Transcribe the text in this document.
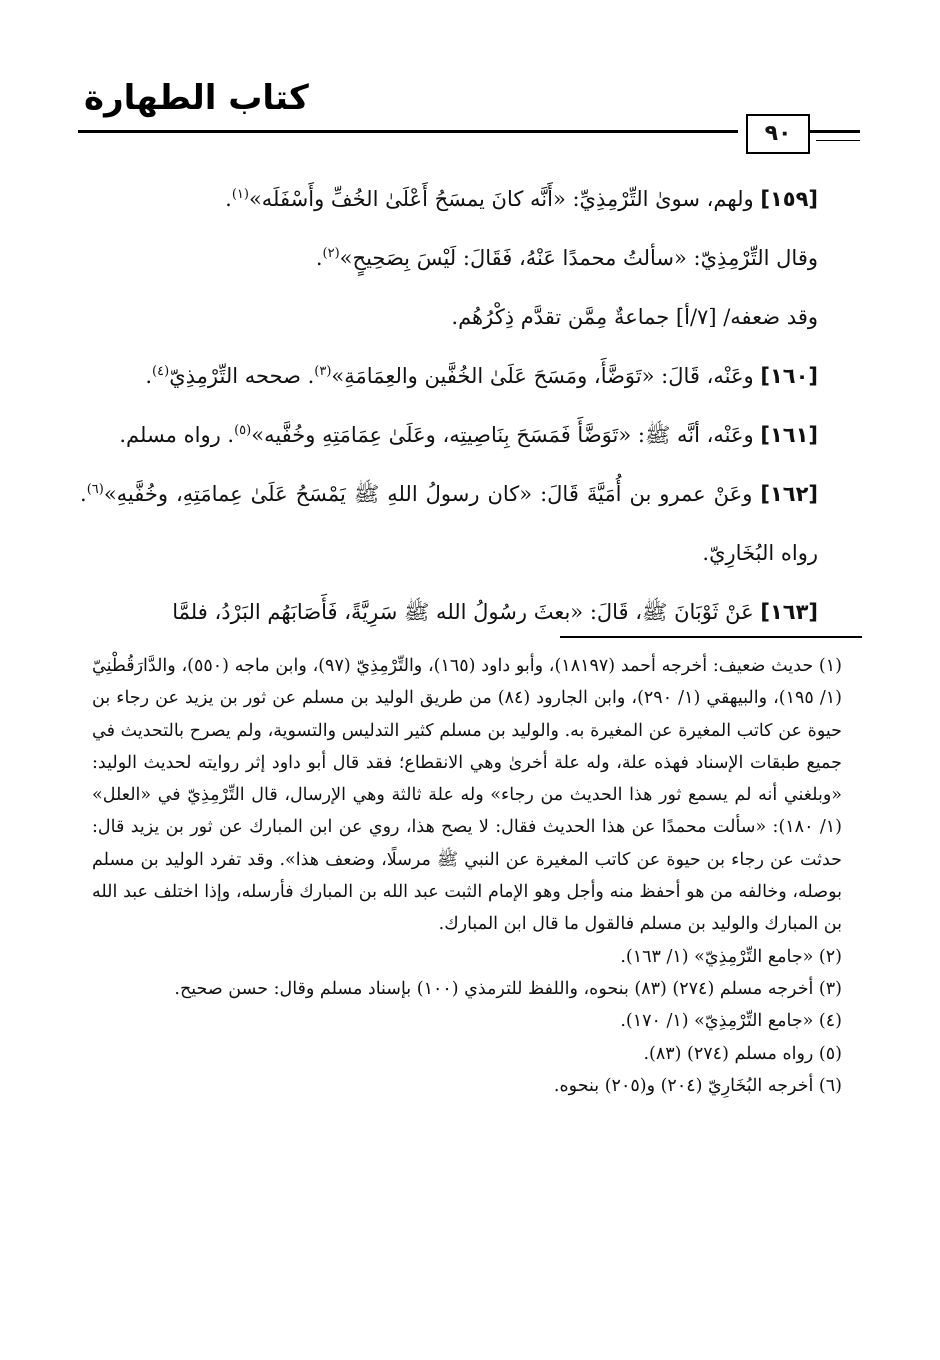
كتاب الطهارة
٩٠

[١٥٩] ولهم، سوىٰ التِّرْمِذِيِّ: «أَنَّه كانَ يمسَحُ أَعْلَىٰ الخُفِّ وأَسْفَلَه»$^{(١)}$.

وقال التِّرْمِذِيّ: «سألتُ محمدًا عَنْهُ، فَقَالَ: لَيْسَ بِصَحِيحٍ»$^{(٢)}$.

وقد ضعفه/ [٧/أ] جماعةٌ مِمَّن تقدَّم ذِكْرُهُم.

[١٦٠] وعَنْه، قَالَ: «تَوَضَّأَ، ومَسَحَ عَلَىٰ الخُفَّين والعِمَامَةِ»$^{(٣)}$. صححه التِّرْمِذِيّ$^{(٤)}$.

[١٦١] وعَنْه، أنَّه ﷺ: «تَوَضَّأَ فَمَسَحَ بِنَاصِيتِه، وعَلَىٰ عِمَامَتِهِ وخُفَّيه»$^{(٥)}$. رواه مسلم.

[١٦٢] وعَنْ عمرو بن أُمَيَّةَ قَالَ: «كان رسولُ اللهِ ﷺ يَمْسَحُ عَلَىٰ عِمامَتِهِ، وخُفَّيهِ»$^{(٦)}$. رواه البُخَارِيّ.

[١٦٣] عَنْ ثَوْبَانَ ﷺ، قَالَ: «بعثَ رسُولُ الله ﷺ سَرِيَّةً، فَأَصَابَهُم البَرْدُ، فلمَّا

(١) حديث ضعيف: أخرجه أحمد (١٨١٩٧)، وأبو داود (١٦٥)، والتِّرْمِذِيّ (٩٧)، وابن ماجه (٥٥٠)، والدَّارَقُطْنِيّ (١/ ١٩٥)، والبيهقي (١/ ٢٩٠)، وابن الجارود (٨٤) من طريق الوليد بن مسلم عن ثور بن يزيد عن رجاء بن حيوة عن كاتب المغيرة عن المغيرة به. والوليد بن مسلم كثير التدليس والتسوية، ولم يصرح بالتحديث في جميع طبقات الإسناد فهذه علة، وله علة أخرىٰ وهي الانقطاع؛ فقد قال أبو داود إثر روايته لحديث الوليد: «وبلغني أنه لم يسمع ثور هذا الحديث من رجاء» وله علة ثالثة وهي الإرسال، قال التِّرْمِذِيّ في «العلل» (١/ ١٨٠): «سألت محمدًا عن هذا الحديث فقال: لا يصح هذا، روي عن ابن المبارك عن ثور بن يزيد قال: حدثت عن رجاء بن حيوة عن كاتب المغيرة عن النبي ﷺ مرسلًا، وضعف هذا». وقد تفرد الوليد بن مسلم بوصله، وخالفه من هو أحفظ منه وأجل وهو الإمام الثبت عبد الله بن المبارك فأرسله، وإذا اختلف عبد الله بن المبارك والوليد بن مسلم فالقول ما قال ابن المبارك.

(٢) «جامع التِّرْمِذِيّ» (١/ ١٦٣).

(٣) أخرجه مسلم (٢٧٤) (٨٣) بنحوه، واللفظ للترمذي (١٠٠) بإسناد مسلم وقال: حسن صحيح.

(٤) «جامع التِّرْمِذِيّ» (١/ ١٧٠).

(٥) رواه مسلم (٢٧٤) (٨٣).

(٦) أخرجه البُخَارِيّ (٢٠٤) و(٢٠٥) بنحوه.
